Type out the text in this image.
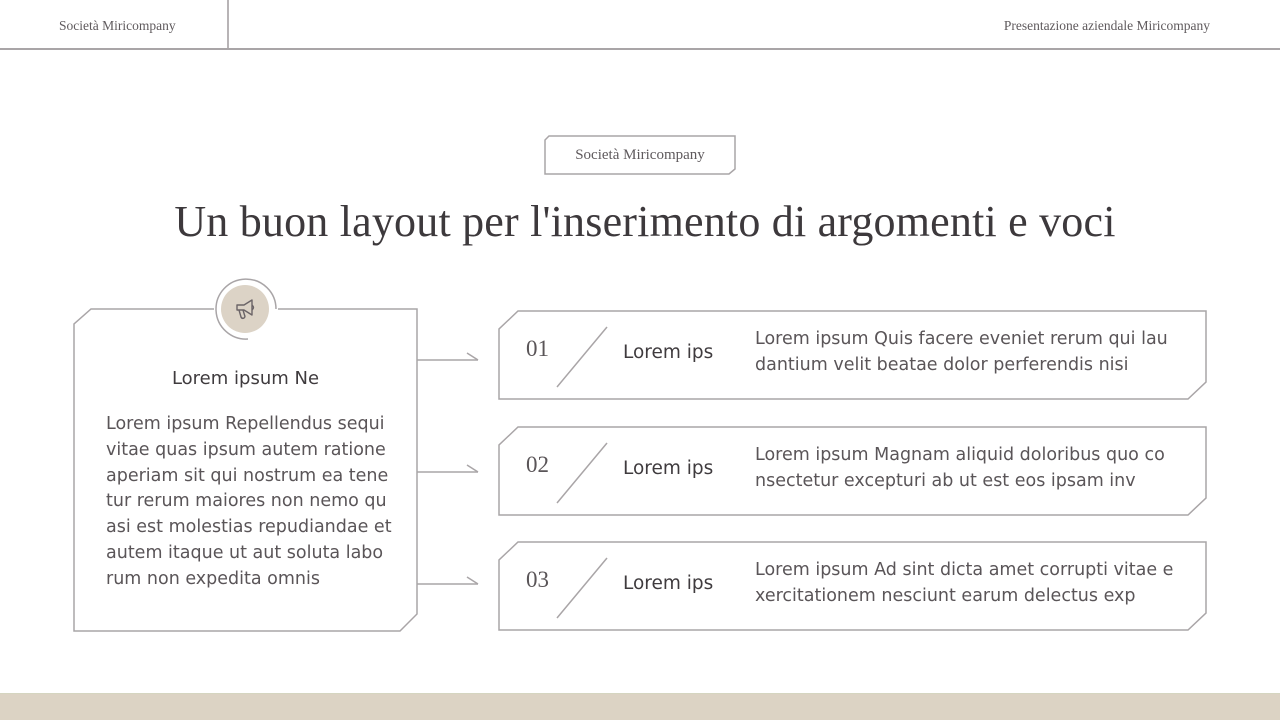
Società Miricompany	Presentazione aziendale Miricompany
Società Miricompany
Un buon layout per l'inserimento di argomenti e voci
Lorem ipsum Ne
Lorem ipsum Repellendus sequi vitae quas ipsum autem ratione aperiam sit qui nostrum ea tene tur rerum maiores non nemo qu asi est molestias repudiandae et autem itaque ut aut soluta labo rum non expedita omnis
01	Lorem ips
Lorem ipsum Quis facere eveniet rerum qui lau dantium velit beatae dolor perferendis nisi
02	Lorem ips
Lorem ipsum Magnam aliquid doloribus quo co nsectetur excepturi ab ut est eos ipsam inv
03	Lorem ips
Lorem ipsum Ad sint dicta amet corrupti vitae e xercitationem nesciunt earum delectus exp
